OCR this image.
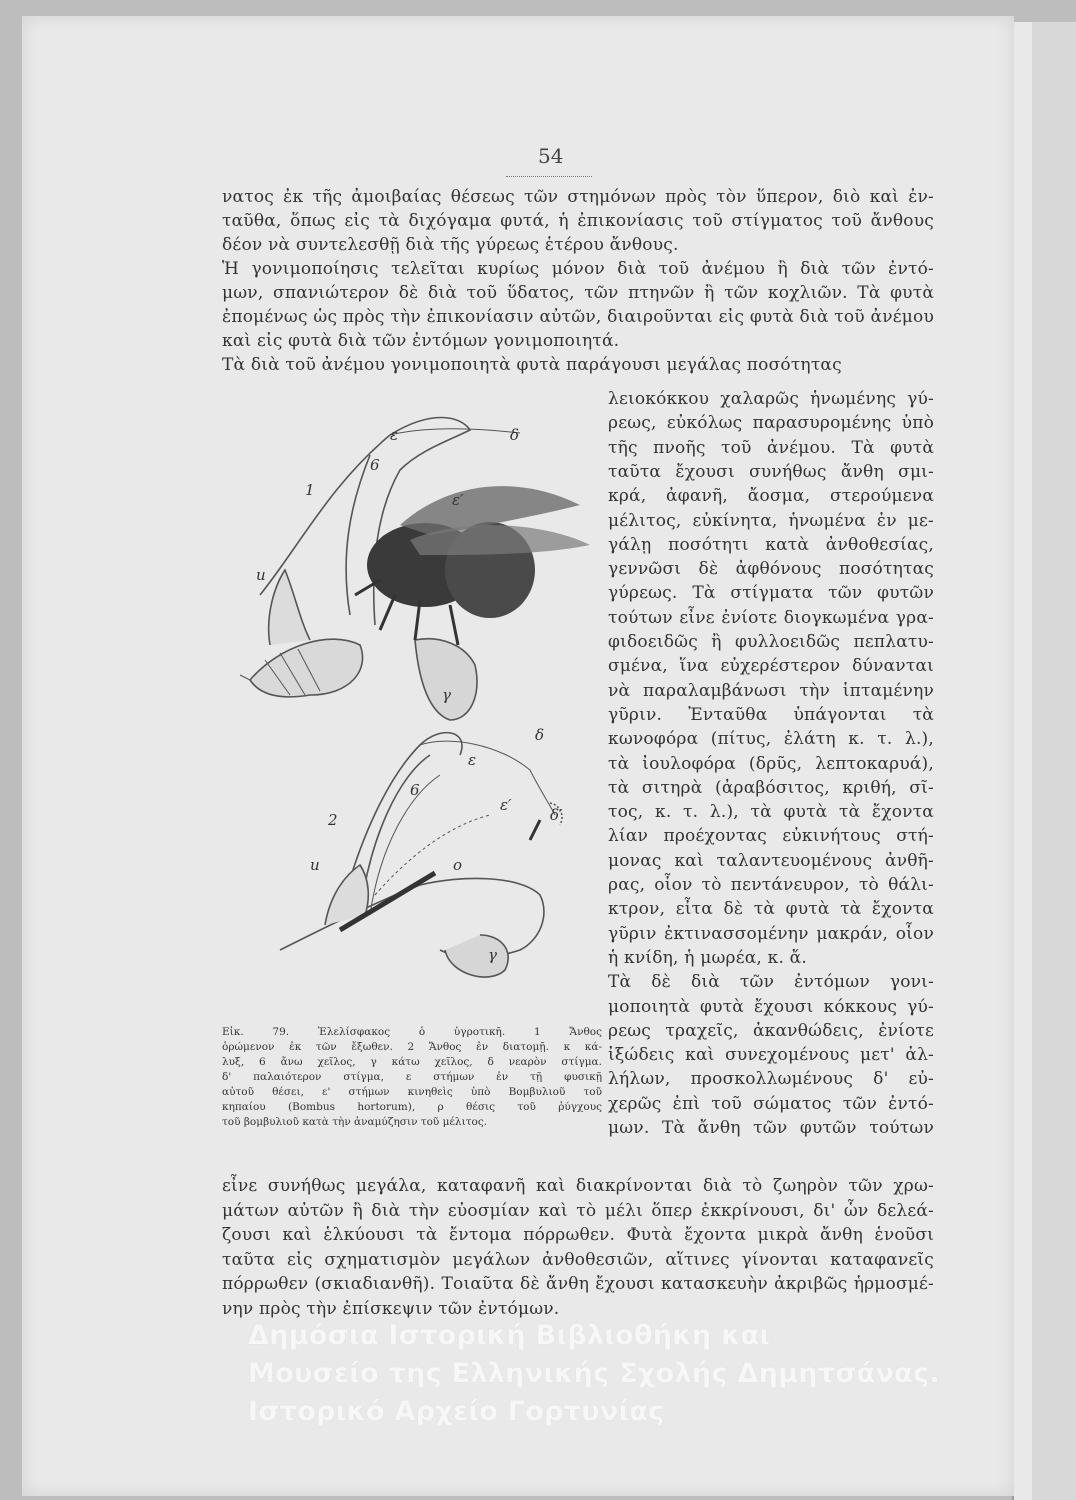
54
νατος ἐκ τῆς ἀμοιβαίας θέσεως τῶν στημόνων πρὸς τὸν ὕπερον, διὸ καὶ ἐν-
ταῦθα, ὅπως εἰς τὰ διχόγαμα φυτά, ἡ ἐπικονίασις τοῦ στίγματος τοῦ ἄνθους
δέον νὰ συντελεσθῇ διὰ τῆς γύρεως ἑτέρου ἄνθους.
Ἡ γονιμοποίησις τελεῖται κυρίως μόνον διὰ τοῦ ἀνέμου ἢ διὰ τῶν ἐντό-
μων, σπανιώτερον δὲ διὰ τοῦ ὕδατος, τῶν πτηνῶν ἢ τῶν κοχλιῶν. Τὰ φυτὰ
ἐπομένως ὡς πρὸς τὴν ἐπικονίασιν αὐτῶν, διαιροῦνται εἰς φυτὰ διὰ τοῦ ἀνέμου
καὶ εἰς φυτὰ διὰ τῶν ἐντόμων γονιμοποιητά.
Τὰ διὰ τοῦ ἀνέμου γονιμοποιητὰ φυτὰ παράγουσι μεγάλας ποσότητας
λειοκόκκου χαλαρῶς ἡνωμένης γύ-
ρεως, εὐκόλως παρασυρομένης ὑπὸ
τῆς πνοῆς τοῦ ἀνέμου. Τὰ φυτὰ
ταῦτα ἔχουσι συνήθως ἄνθη σμι-
κρά, ἀφανῆ, ἄοσμα, στερούμενα
μέλιτος, εὐκίνητα, ἡνωμένα ἐν με-
γάλῃ ποσότητι κατὰ ἀνθοθεσίας,
γεννῶσι δὲ ἀφθόνους ποσότητας
γύρεως. Τὰ στίγματα τῶν φυτῶν
τούτων εἶνε ἐνίοτε διογκωμένα γρα-
φιδοειδῶς ἢ φυλλοειδῶς πεπλατυ-
σμένα, ἵνα εὐχερέστερον δύνανται
νὰ παραλαμβάνωσι τὴν ἱπταμένην
γῦριν. Ἐνταῦθα ὑπάγονται τὰ
κωνοφόρα (πίτυς, ἐλάτη κ. τ. λ.),
τὰ ἰουλοφόρα (δρῦς, λεπτοκαρυά),
τὰ σιτηρὰ (ἀραβόσιτος, κριθή, σῖ-
τος, κ. τ. λ.), τὰ φυτὰ τὰ ἔχοντα
λίαν προέχοντας εὐκινήτους στή-
μονας καὶ ταλαντευομένους ἀνθῆ-
ρας, οἷον τὸ πεντάνευρον, τὸ θάλι-
κτρον, εἶτα δὲ τὰ φυτὰ τὰ ἔχοντα
γῦριν ἐκτινασσομένην μακράν, οἷον
ἡ κνίδη, ἡ μωρέα, κ. ἄ.
Τὰ δὲ διὰ τῶν ἐντόμων γονι-
μοποιητὰ φυτὰ ἔχουσι κόκκους γύ-
ρεως τραχεῖς, ἀκανθώδεις, ἐνίοτε
ἰξώδεις καὶ συνεχομένους μετ' ἀλ-
λήλων, προσκολλωμένους δ' εὐ-
χερῶς ἐπὶ τοῦ σώματος τῶν ἐντό-
μων. Τὰ ἄνθη τῶν φυτῶν τούτων
εἶνε συνήθως μεγάλα, καταφανῆ καὶ διακρίνονται διὰ τὸ ζωηρὸν τῶν χρω-
μάτων αὐτῶν ἢ διὰ τὴν εὐοσμίαν καὶ τὸ μέλι ὅπερ ἐκκρίνουσι, δι' ὧν δελεά-
ζουσι καὶ ἑλκύουσι τὰ ἔντομα πόρρωθεν. Φυτὰ ἔχοντα μικρὰ ἄνθη ἑνοῦσι
ταῦτα εἰς σχηματισμὸν μεγάλων ἀνθοθεσιῶν, αἵτινες γίνονται καταφανεῖς
πόρρωθεν (σκιαδιανθῆ). Τοιαῦτα δὲ ἄνθη ἔχουσι κατασκευὴν ἀκριβῶς ἡρμοσμέ-
νην πρὸς τὴν ἐπίσκεψιν τῶν ἐντόμων.
1
u
ε	δ
6
ε′
γ
2
u
ε
δ
6
ε′
δ′
γ
ο
Εἰκ. 79. Ἐλελίσφακος ὁ ὑγροτικῆ. 1 Ἄνθος
ὁρώμενον ἐκ τῶν ἔξωθεν. 2 Ἄνθος ἐν διατομῇ. κ κά-
λυξ, 6 ἄνω χεῖλος, γ κάτω χεῖλος, δ νεαρὸν στίγμα.
δ' παλαιότερον στίγμα, ε στήμων ἐν τῇ φυσικῇ
αὐτοῦ θέσει, ε' στήμων κινηθεὶς ὑπὸ Βομβυλιοῦ τοῦ
κηπαίου (Bombus hortorum), ρ θέσις τοῦ ῥύγχους
τοῦ βομβυλιοῦ κατὰ τὴν ἀναμύζησιν τοῦ μέλιτος.
Δημόσια Ιστορική Βιβλιοθήκη και
Μουσείο της Ελληνικής Σχολής Δημητσάνας.
Ιστορικό Αρχείο Γορτυνίας
